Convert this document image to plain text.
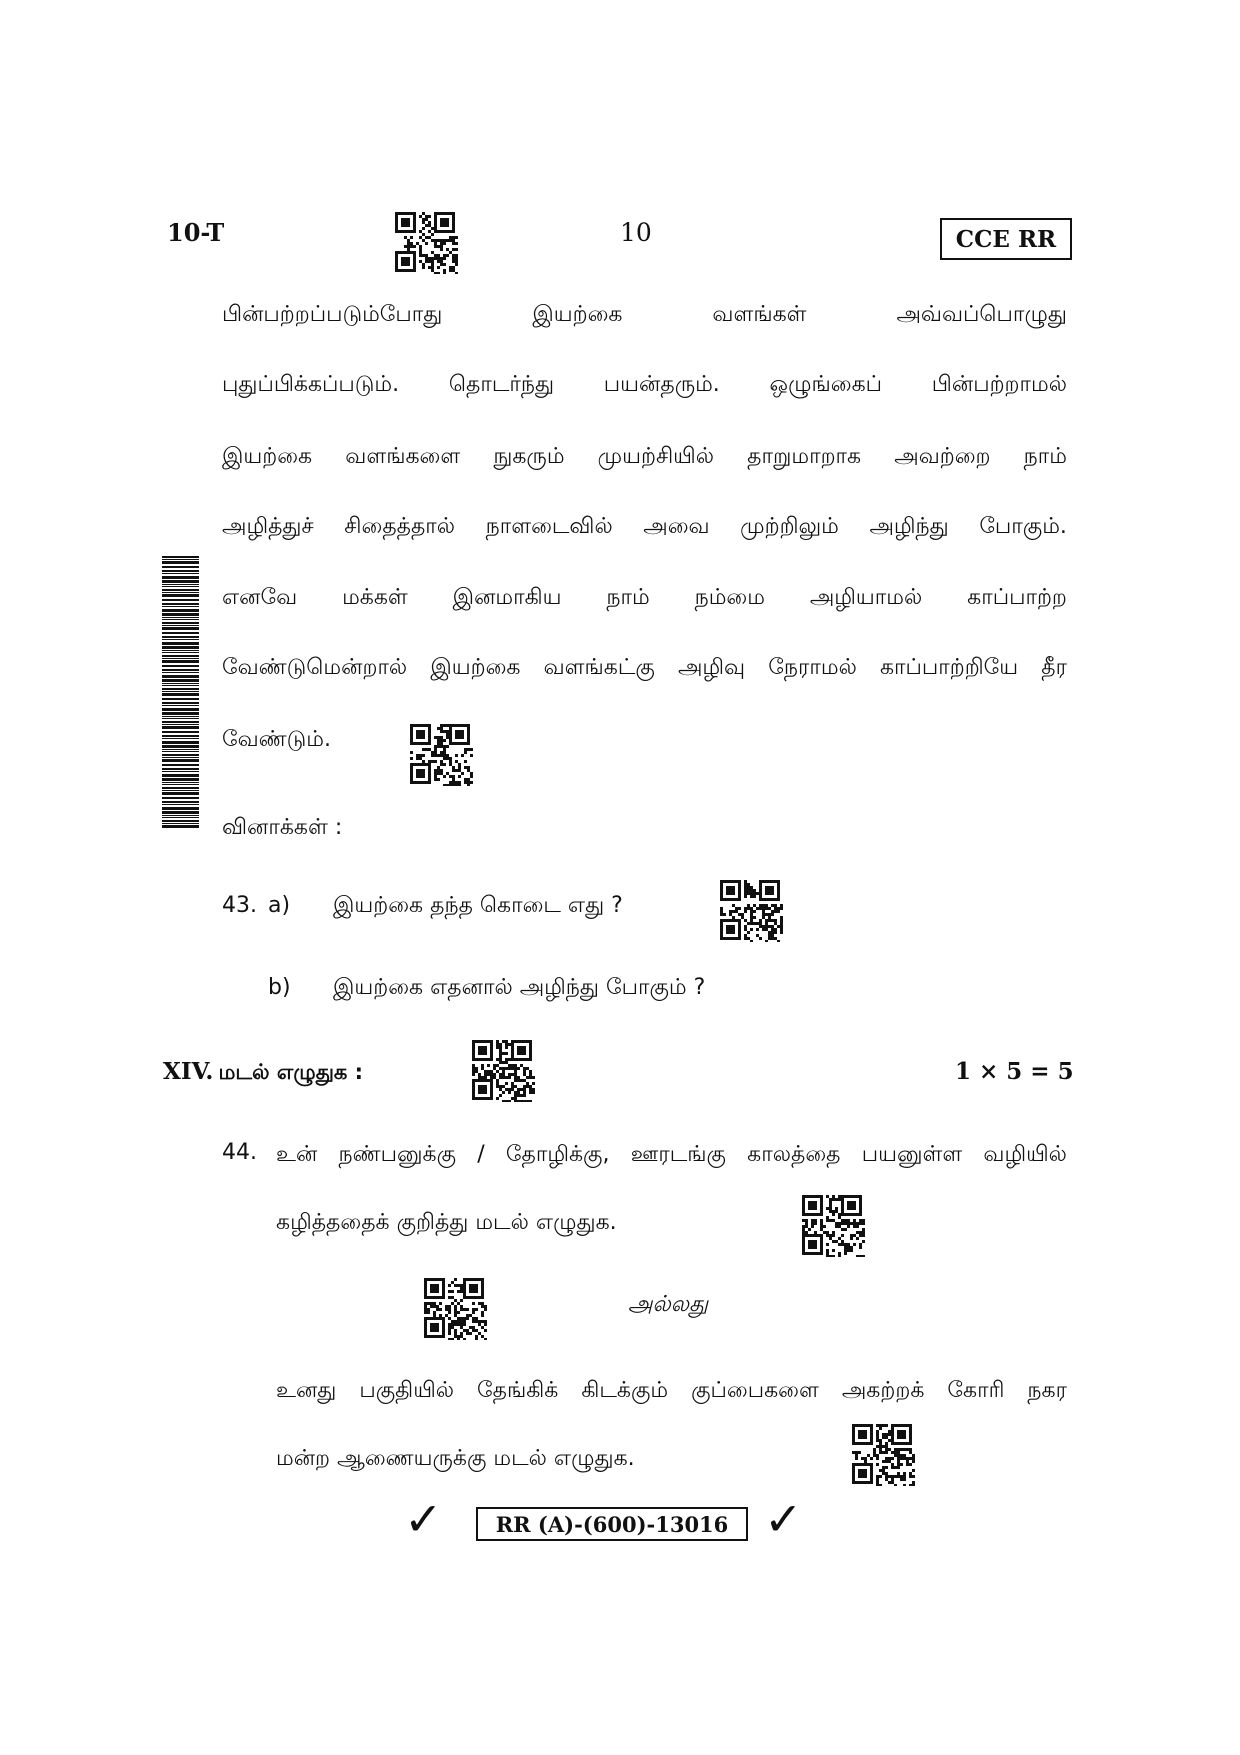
10-T	10	CCE RR
பின்பற்றப்படும்போது	இயற்கை	வளங்கள்	அவ்வப்பொழுது
புதுப்பிக்கப்படும். தொடர்ந்து பயன்தரும். ஒழுங்கைப் பின்பற்றாமல்
இயற்கை வளங்களை நுகரும் முயற்சியில் தாறுமாறாக அவற்றை நாம்
அழித்துச் சிதைத்தால் நாளடைவில் அவை முற்றிலும் அழிந்து போகும்.
எனவே மக்கள் இனமாகிய நாம் நம்மை அழியாமல் காப்பாற்ற
வேண்டுமென்றால் இயற்கை வளங்கட்கு அழிவு நேராமல் காப்பாற்றியே தீர
வேண்டும்.
வினாக்கள் :
43. a) இயற்கை தந்த கொடை எது ?
b) இயற்கை எதனால் அழிந்து போகும் ?
XIV. மடல் எழுதுக :	1 × 5 = 5
44. உன் நண்பனுக்கு / தோழிக்கு, ஊரடங்கு காலத்தை பயனுள்ள வழியில்
கழித்ததைக் குறித்து மடல் எழுதுக.
அல்லது
உனது பகுதியில் தேங்கிக் கிடக்கும் குப்பைகளை அகற்றக் கோரி நகர
மன்ற ஆணையருக்கு மடல் எழுதுக.
✓	RR (A)-(600)-13016 ✓
